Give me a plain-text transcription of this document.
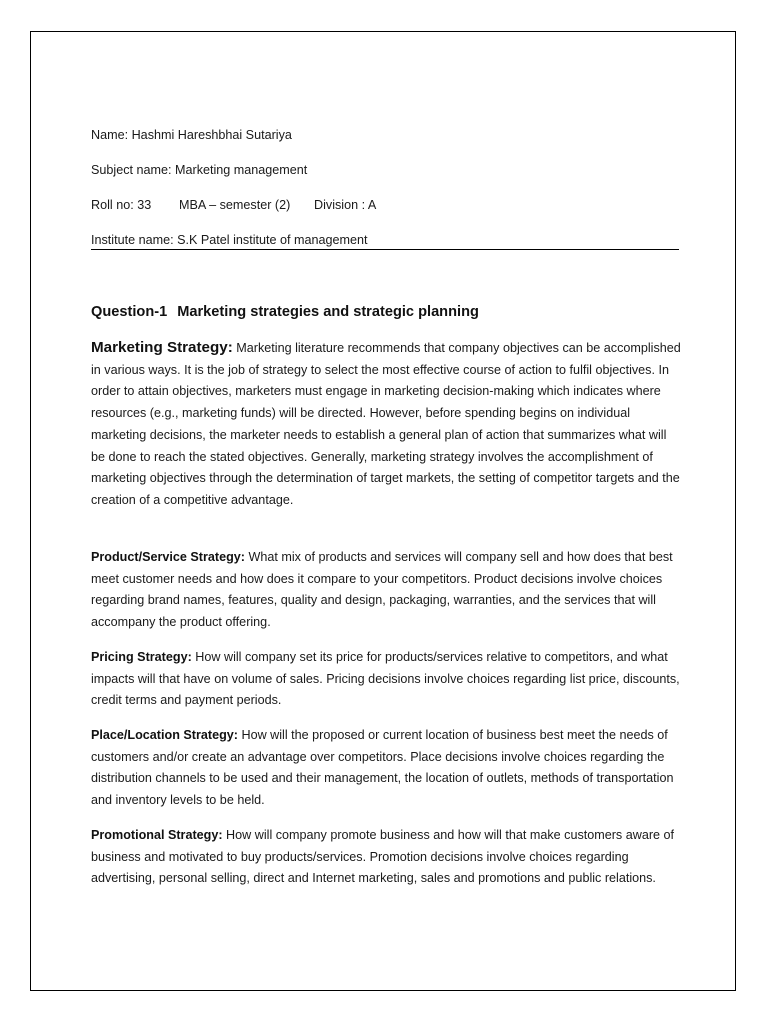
Name: Hashmi Hareshbhai Sutariya

Subject name: Marketing management

Roll no: 33 MBA – semester (2) Division : A

Institute name: S.K Patel institute of management

Question-1 Marketing strategies and strategic planning

Marketing Strategy: Marketing literature recommends that company objectives can be accomplished in various ways. It is the job of strategy to select the most effective course of action to fulfil objectives. In order to attain objectives, marketers must engage in marketing decision-making which indicates where resources (e.g., marketing funds) will be directed. However, before spending begins on individual marketing decisions, the marketer needs to establish a general plan of action that summarizes what will be done to reach the stated objectives. Generally, marketing strategy involves the accomplishment of marketing objectives through the determination of target markets, the setting of competitor targets and the creation of a competitive advantage.

Product/Service Strategy: What mix of products and services will company sell and how does that best meet customer needs and how does it compare to your competitors. Product decisions involve choices regarding brand names, features, quality and design, packaging, warranties, and the services that will accompany the product offering.

Pricing Strategy: How will company set its price for products/services relative to competitors, and what impacts will that have on volume of sales. Pricing decisions involve choices regarding list price, discounts, credit terms and payment periods.

Place/Location Strategy: How will the proposed or current location of business best meet the needs of customers and/or create an advantage over competitors. Place decisions involve choices regarding the distribution channels to be used and their management, the location of outlets, methods of transportation and inventory levels to be held.

Promotional Strategy: How will company promote business and how will that make customers aware of business and motivated to buy products/services. Promotion decisions involve choices regarding advertising, personal selling, direct and Internet marketing, sales and promotions and public relations.
